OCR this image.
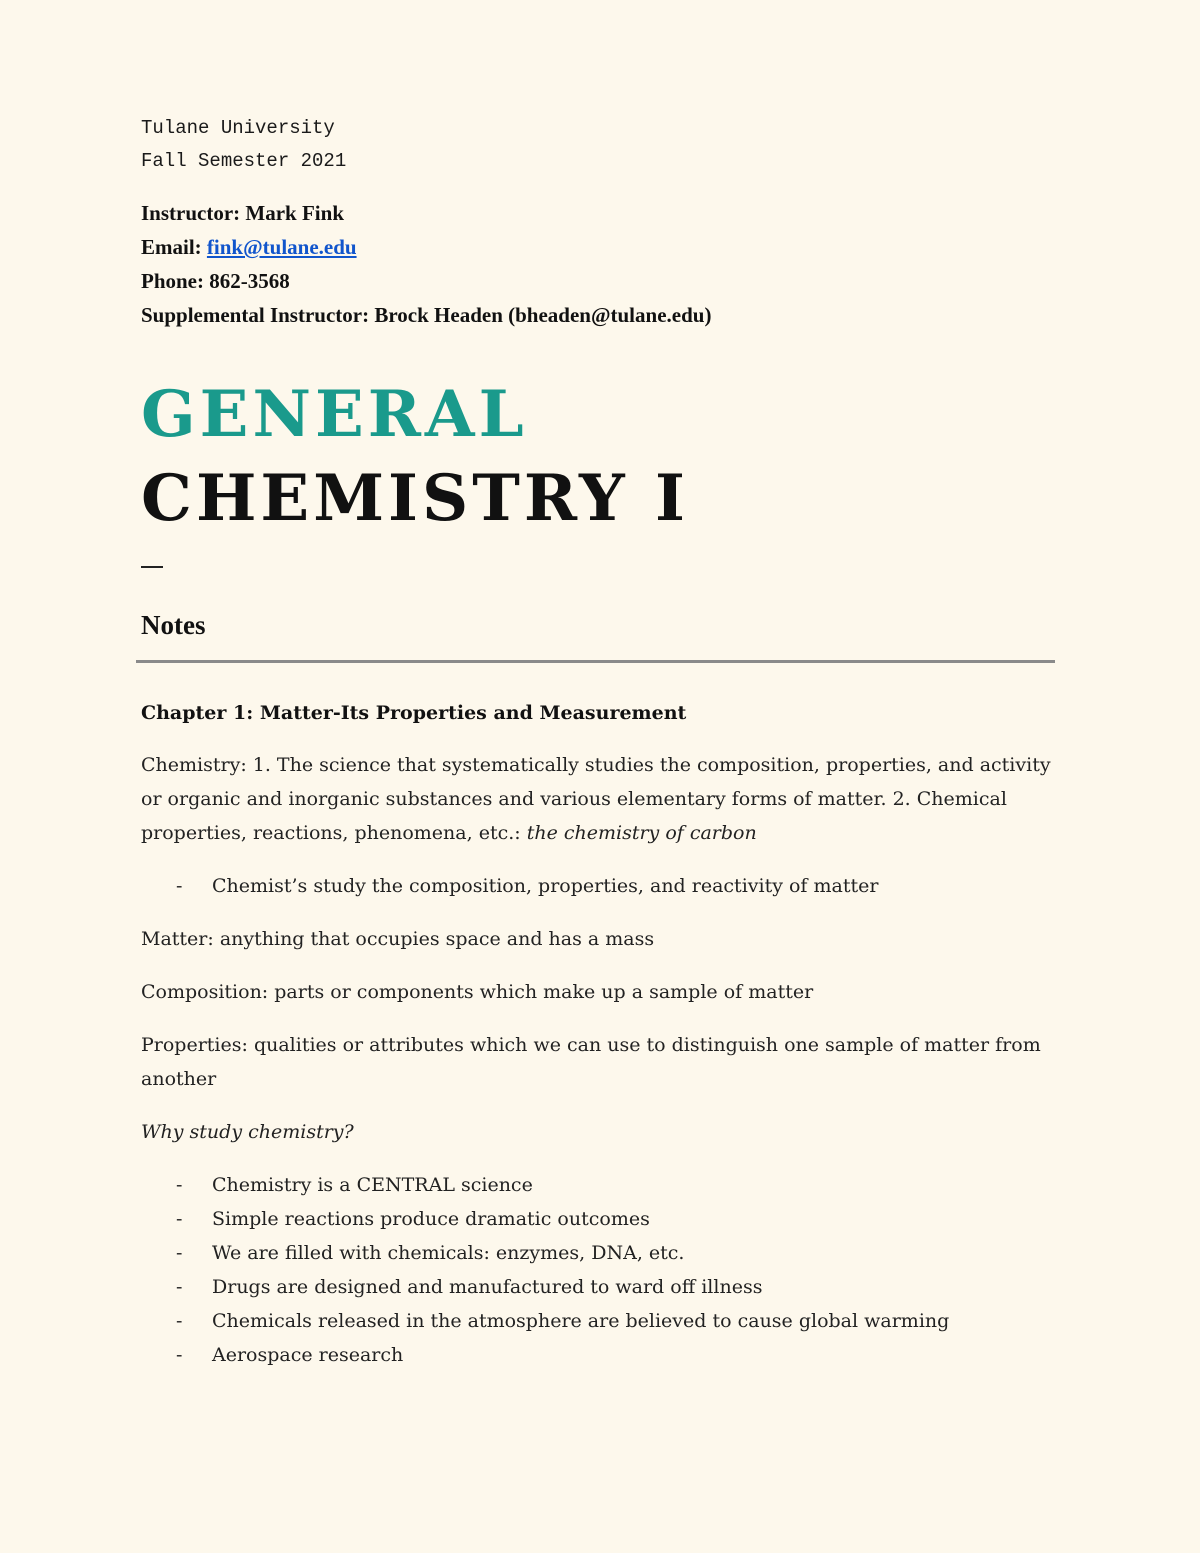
Tulane University
Fall Semester 2021
Instructor: Mark Fink
Email: fink@tulane.edu
Phone: 862-3568
Supplemental Instructor: Brock Headen (bheaden@tulane.edu)
GENERAL
CHEMISTRY I
Notes
Chapter 1: Matter-Its Properties and Measurement
Chemistry: 1. The science that systematically studies the composition, properties, and activity or organic and inorganic substances and various elementary forms of matter. 2. Chemical properties, reactions, phenomena, etc.: the chemistry of carbon
- Chemist’s study the composition, properties, and reactivity of matter
Matter: anything that occupies space and has a mass
Composition: parts or components which make up a sample of matter
Properties: qualities or attributes which we can use to distinguish one sample of matter from another
Why study chemistry?
- Chemistry is a CENTRAL science
- Simple reactions produce dramatic outcomes
- We are filled with chemicals: enzymes, DNA, etc.
- Drugs are designed and manufactured to ward off illness
- Chemicals released in the atmosphere are believed to cause global warming
- Aerospace research
